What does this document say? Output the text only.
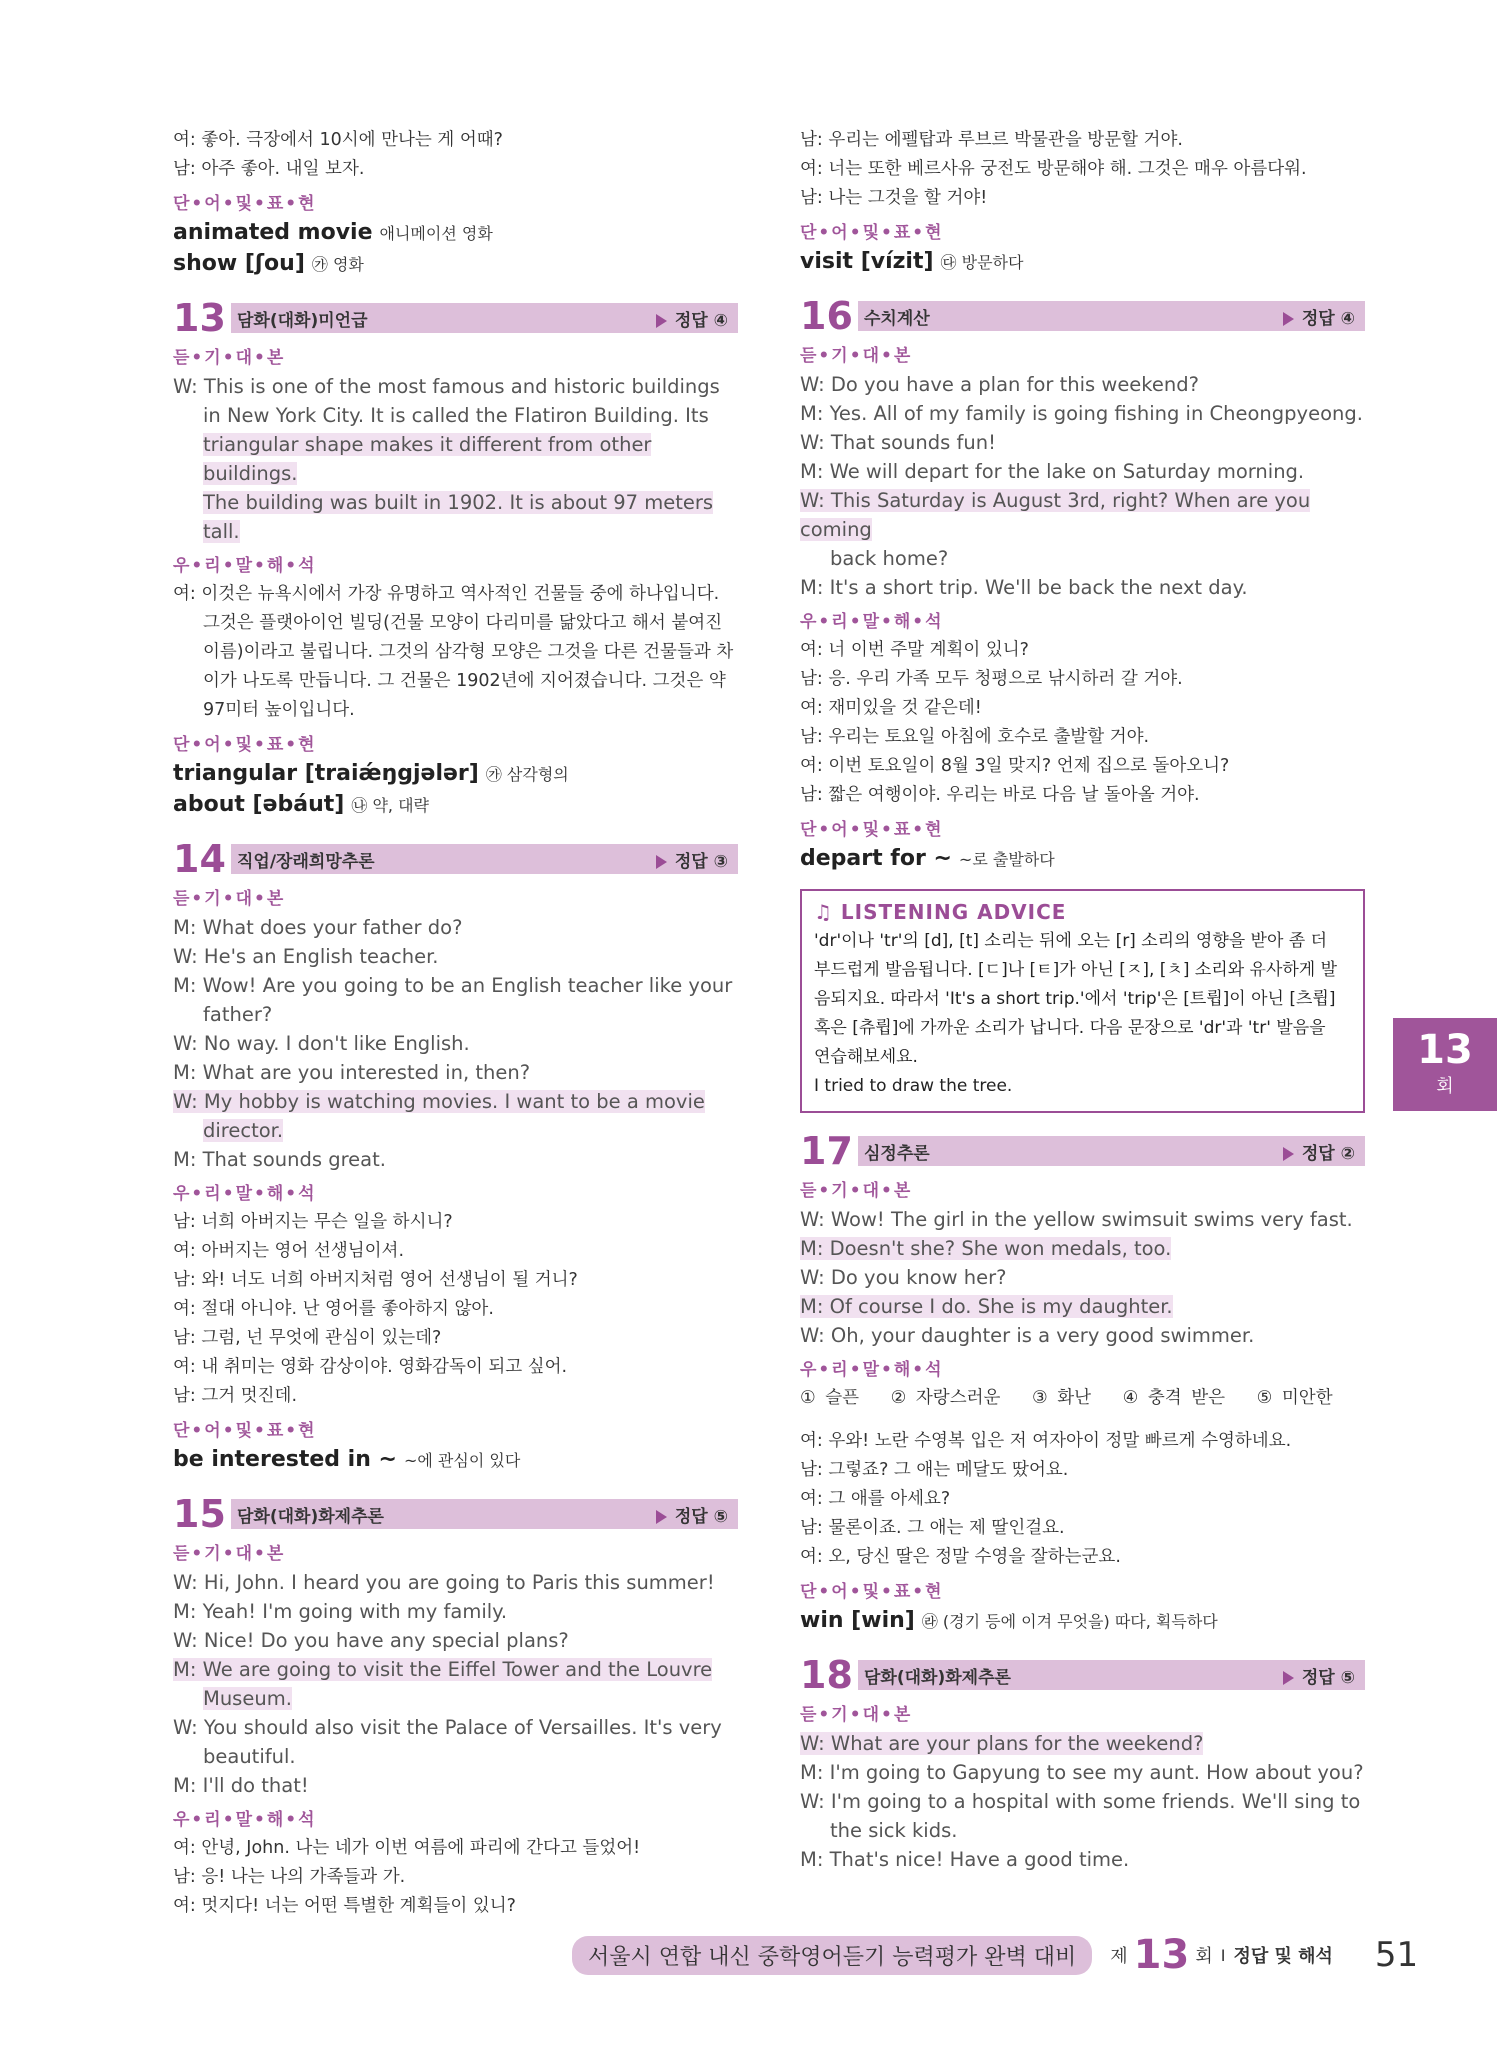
여: 좋아. 극장에서 10시에 만나는 게 어때?
남: 아주 좋아. 내일 보자.
단•어•및•표•현
animated movie 애니메이션 영화
show [ʃou] ㉮ 영화
13 담화(대화)미언급	정답 ④
듣•기•대•본
W: This is one of the most famous and historic buildings
in New York City. It is called the Flatiron Building. Its
triangular shape makes it different from other buildings.
The building was built in 1902. It is about 97 meters tall.
우•리•말•해•석
여: 이것은 뉴욕시에서 가장 유명하고 역사적인 건물들 중에 하나입니다.
그것은 플랫아이언 빌딩(건물 모양이 다리미를 닮았다고 해서 붙여진
이름)이라고 불립니다. 그것의 삼각형 모양은 그것을 다른 건물들과 차
이가 나도록 만듭니다. 그 건물은 1902년에 지어졌습니다. 그것은 약
97미터 높이입니다.
단•어•및•표•현
triangular [traiǽŋgjələr] ㉮ 삼각형의
about [əbáut] ㉯ 약, 대략
14 직업/장래희망추론	정답 ③
듣•기•대•본
M: What does your father do?
W: He's an English teacher.
M: Wow! Are you going to be an English teacher like your
father?
W: No way. I don't like English.
M: What are you interested in, then?
W: My hobby is watching movies. I want to be a movie
director.
M: That sounds great.
우•리•말•해•석
남: 너희 아버지는 무슨 일을 하시니?
여: 아버지는 영어 선생님이셔.
남: 와! 너도 너희 아버지처럼 영어 선생님이 될 거니?
여: 절대 아니야. 난 영어를 좋아하지 않아.
남: 그럼, 넌 무엇에 관심이 있는데?
여: 내 취미는 영화 감상이야. 영화감독이 되고 싶어.
남: 그거 멋진데.
단•어•및•표•현
be interested in ~ ~에 관심이 있다
15 담화(대화)화제추론	정답 ⑤
듣•기•대•본
W: Hi, John. I heard you are going to Paris this summer!
M: Yeah! I'm going with my family.
W: Nice! Do you have any special plans?
M: We are going to visit the Eiffel Tower and the Louvre
Museum.
W: You should also visit the Palace of Versailles. It's very
beautiful.
M: I'll do that!
우•리•말•해•석
여: 안녕, John. 나는 네가 이번 여름에 파리에 간다고 들었어!
남: 응! 나는 나의 가족들과 가.
여: 멋지다! 너는 어떤 특별한 계획들이 있니?
남: 우리는 에펠탑과 루브르 박물관을 방문할 거야.
여: 너는 또한 베르사유 궁전도 방문해야 해. 그것은 매우 아름다워.
남: 나는 그것을 할 거야!
단•어•및•표•현
visit [vízit] ㉰ 방문하다
16 수치계산	정답 ④
듣•기•대•본
W: Do you have a plan for this weekend?
M: Yes. All of my family is going fishing in Cheongpyeong.
W: That sounds fun!
M: We will depart for the lake on Saturday morning.
W: This Saturday is August 3rd, right? When are you coming
back home?
M: It's a short trip. We'll be back the next day.
우•리•말•해•석
여: 너 이번 주말 계획이 있니?
남: 응. 우리 가족 모두 청평으로 낚시하러 갈 거야.
여: 재미있을 것 같은데!
남: 우리는 토요일 아침에 호수로 출발할 거야.
여: 이번 토요일이 8월 3일 맞지? 언제 집으로 돌아오니?
남: 짧은 여행이야. 우리는 바로 다음 날 돌아올 거야.
단•어•및•표•현
depart for ~ ~로 출발하다
♫ LISTENING ADVICE
'dr'이나 'tr'의 [d], [t] 소리는 뒤에 오는 [r] 소리의 영향을 받아 좀 더
부드럽게 발음됩니다. [ㄷ]나 [ㅌ]가 아닌 [ㅈ], [ㅊ] 소리와 유사하게 발
음되지요. 따라서 'It's a short trip.'에서 'trip'은 [트륍]이 아닌 [츠륍]
혹은 [츄륍]에 가까운 소리가 납니다. 다음 문장으로 'dr'과 'tr' 발음을
연습해보세요.
I tried to draw the tree.
17 심정추론	정답 ②
듣•기•대•본
W: Wow! The girl in the yellow swimsuit swims very fast.
M: Doesn't she? She won medals, too.
W: Do you know her?
M: Of course I do. She is my daughter.
W: Oh, your daughter is a very good swimmer.
우•리•말•해•석
① 슬픈 ② 자랑스러운 ③ 화난 ④ 충격 받은 ⑤ 미안한
여: 우와! 노란 수영복 입은 저 여자아이 정말 빠르게 수영하네요.
남: 그렇죠? 그 애는 메달도 땄어요.
여: 그 애를 아세요?
남: 물론이죠. 그 애는 제 딸인걸요.
여: 오, 당신 딸은 정말 수영을 잘하는군요.
단•어•및•표•현
win [win] ㉱ (경기 등에 이겨 무엇을) 따다, 획득하다
18 담화(대화)화제추론	정답 ⑤
듣•기•대•본
W: What are your plans for the weekend?
M: I'm going to Gapyung to see my aunt. How about you?
W: I'm going to a hospital with some friends. We'll sing to
the sick kids.
M: That's nice! Have a good time.
13
회
서울시 연합 내신 중학영어듣기 능력평가 완벽 대비	제 13 회 I 정답 및 해석 51
